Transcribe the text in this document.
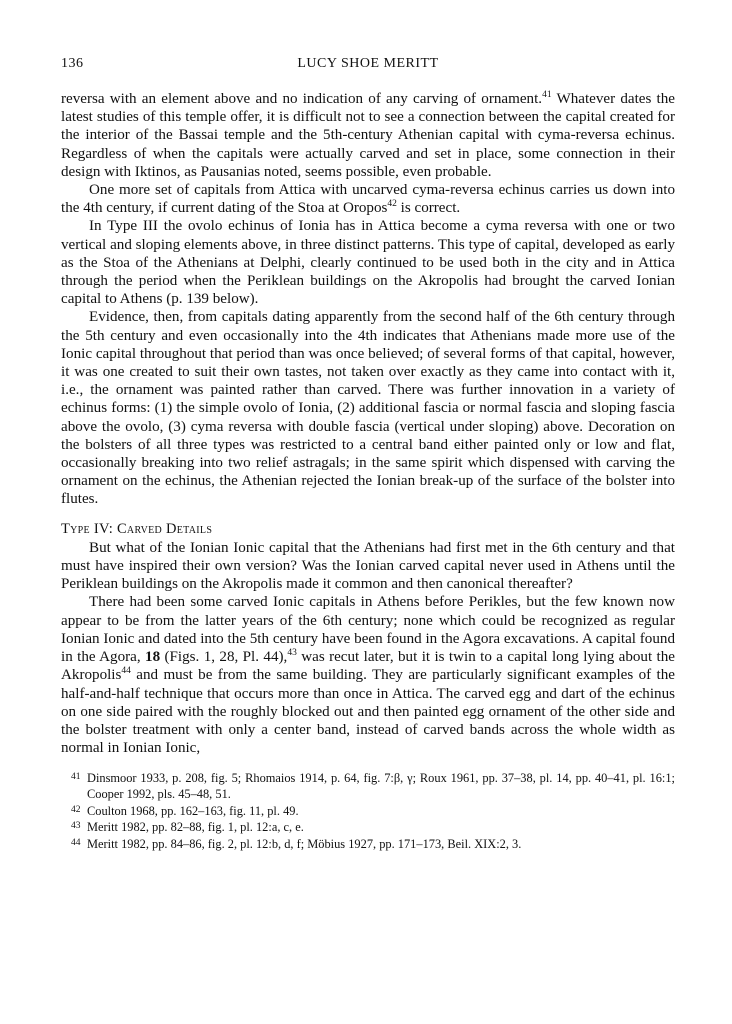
136	LUCY SHOE MERITT

reversa with an element above and no indication of any carving of ornament.$^{41}$ Whatever dates the latest studies of this temple offer, it is difficult not to see a connection between the capital created for the interior of the Bassai temple and the 5th-century Athenian capital with cyma-reversa echinus. Regardless of when the capitals were actually carved and set in place, some connection in their design with Iktinos, as Pausanias noted, seems possible, even probable.

One more set of capitals from Attica with uncarved cyma-reversa echinus carries us down into the 4th century, if current dating of the Stoa at Oropos$^{42}$ is correct.

In Type III the ovolo echinus of Ionia has in Attica become a cyma reversa with one or two vertical and sloping elements above, in three distinct patterns. This type of capital, developed as early as the Stoa of the Athenians at Delphi, clearly continued to be used both in the city and in Attica through the period when the Periklean buildings on the Akropolis had brought the carved Ionian capital to Athens (p. 139 below).

Evidence, then, from capitals dating apparently from the second half of the 6th century through the 5th century and even occasionally into the 4th indicates that Athenians made more use of the Ionic capital throughout that period than was once believed; of several forms of that capital, however, it was one created to suit their own tastes, not taken over exactly as they came into contact with it, i.e., the ornament was painted rather than carved. There was further innovation in a variety of echinus forms: (1) the simple ovolo of Ionia, (2) additional fascia or normal fascia and sloping fascia above the ovolo, (3) cyma reversa with double fascia (vertical under sloping) above. Decoration on the bolsters of all three types was restricted to a central band either painted only or low and flat, occasionally breaking into two relief astragals; in the same spirit which dispensed with carving the ornament on the echinus, the Athenian rejected the Ionian break-up of the surface of the bolster into flutes.

Type IV: Carved Details

But what of the Ionian Ionic capital that the Athenians had first met in the 6th century and that must have inspired their own version? Was the Ionian carved capital never used in Athens until the Periklean buildings on the Akropolis made it common and then canonical thereafter?

There had been some carved Ionic capitals in Athens before Perikles, but the few known now appear to be from the latter years of the 6th century; none which could be recognized as regular Ionian Ionic and dated into the 5th century have been found in the Agora excavations. A capital found in the Agora, 18 (Figs. 1, 28, Pl. 44),$^{43}$ was recut later, but it is twin to a capital long lying about the Akropolis$^{44}$ and must be from the same building. They are particularly significant examples of the half-and-half technique that occurs more than once in Attica. The carved egg and dart of the echinus on one side paired with the roughly blocked out and then painted egg ornament of the other side and the bolster treatment with only a center band, instead of carved bands across the whole width as normal in Ionian Ionic,

41 Dinsmoor 1933, p. 208, fig. 5; Rhomaios 1914, p. 64, fig. 7:β, γ; Roux 1961, pp. 37–38, pl. 14, pp. 40–41, pl. 16:1; Cooper 1992, pls. 45–48, 51.
42 Coulton 1968, pp. 162–163, fig. 11, pl. 49.
43 Meritt 1982, pp. 82–88, fig. 1, pl. 12:a, c, e.
44 Meritt 1982, pp. 84–86, fig. 2, pl. 12:b, d, f; Möbius 1927, pp. 171–173, Beil. XIX:2, 3.
